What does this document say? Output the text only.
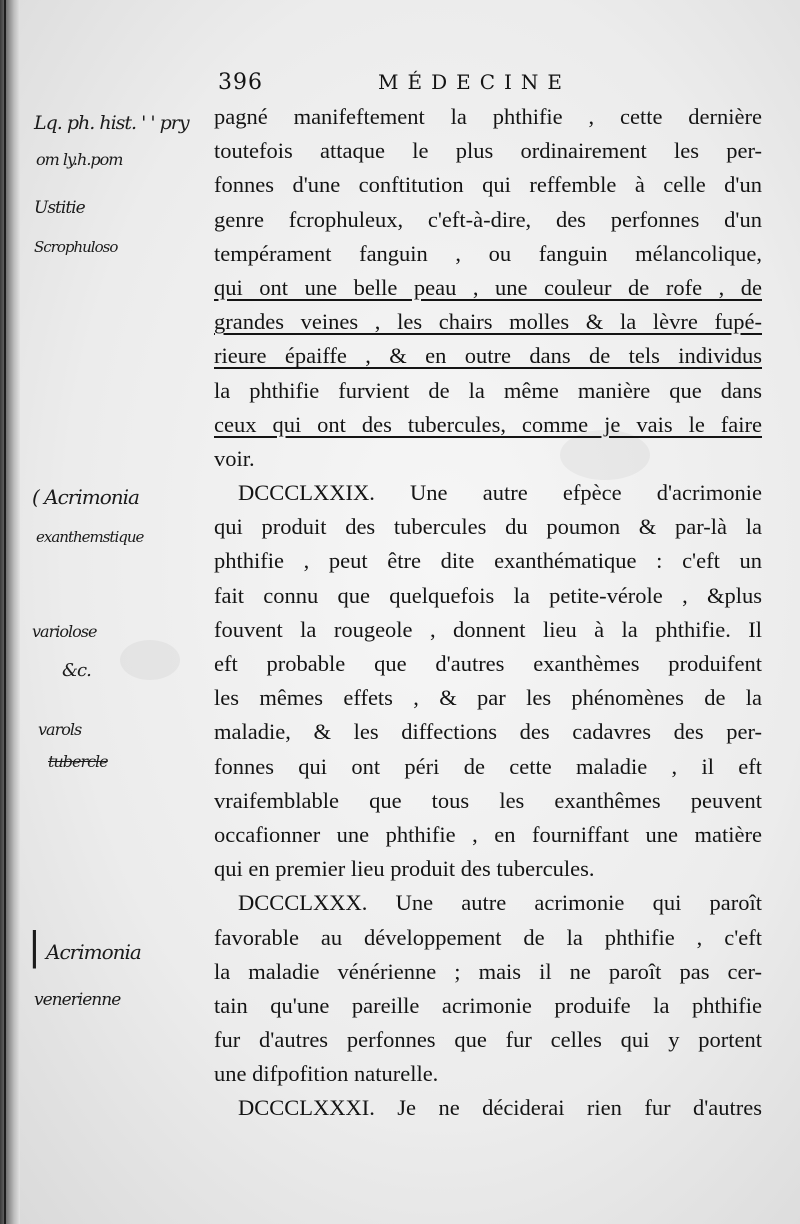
396	MÉDECINE
pagné manifeftement la phthifie , cette dernière
toutefois attaque le plus ordinairement les per-
fonnes d'une conftitution qui reffemble à celle d'un
genre fcrophuleux, c'eft-à-dire, des perfonnes d'un
tempérament fanguin , ou fanguin mélancolique,
qui ont une belle peau , une couleur de rofe , de
grandes veines , les chairs molles & la lèvre fupé-
rieure épaiffe , & en outre dans de tels individus
la phthifie furvient de la même manière que dans
ceux qui ont des tubercules, comme je vais le faire
voir.
DCCCLXXIX. Une autre efpèce d'acrimonie
qui produit des tubercules du poumon & par-là la
phthifie , peut être dite exanthématique : c'eft un
fait connu que quelquefois la petite-vérole , &plus
fouvent la rougeole , donnent lieu à la phthifie. Il
eft probable que d'autres exanthèmes produifent
les mêmes effets , & par les phénomènes de la
maladie, & les diffections des cadavres des per-
fonnes qui ont péri de cette maladie , il eft
vraifemblable que tous les exanthêmes peuvent
occafionner une phthifie , en fourniffant une matière
qui en premier lieu produit des tubercules.
DCCCLXXX. Une autre acrimonie qui paroît
favorable au développement de la phthifie , c'eft
la maladie vénérienne ; mais il ne paroît pas cer-
tain qu'une pareille acrimonie produife la phthifie
fur d'autres perfonnes que fur celles qui y portent
une difpofition naturelle.
DCCCLXXXI. Je ne déciderai rien fur d'autres
Lq. ph. hist. ' ' pry
om ly.h.pom
Ustitie
Scrophuloso
( Acrimonia
exanthemstique
variolose
&c.
varols
tubercle
| Acrimonia
venerienne
